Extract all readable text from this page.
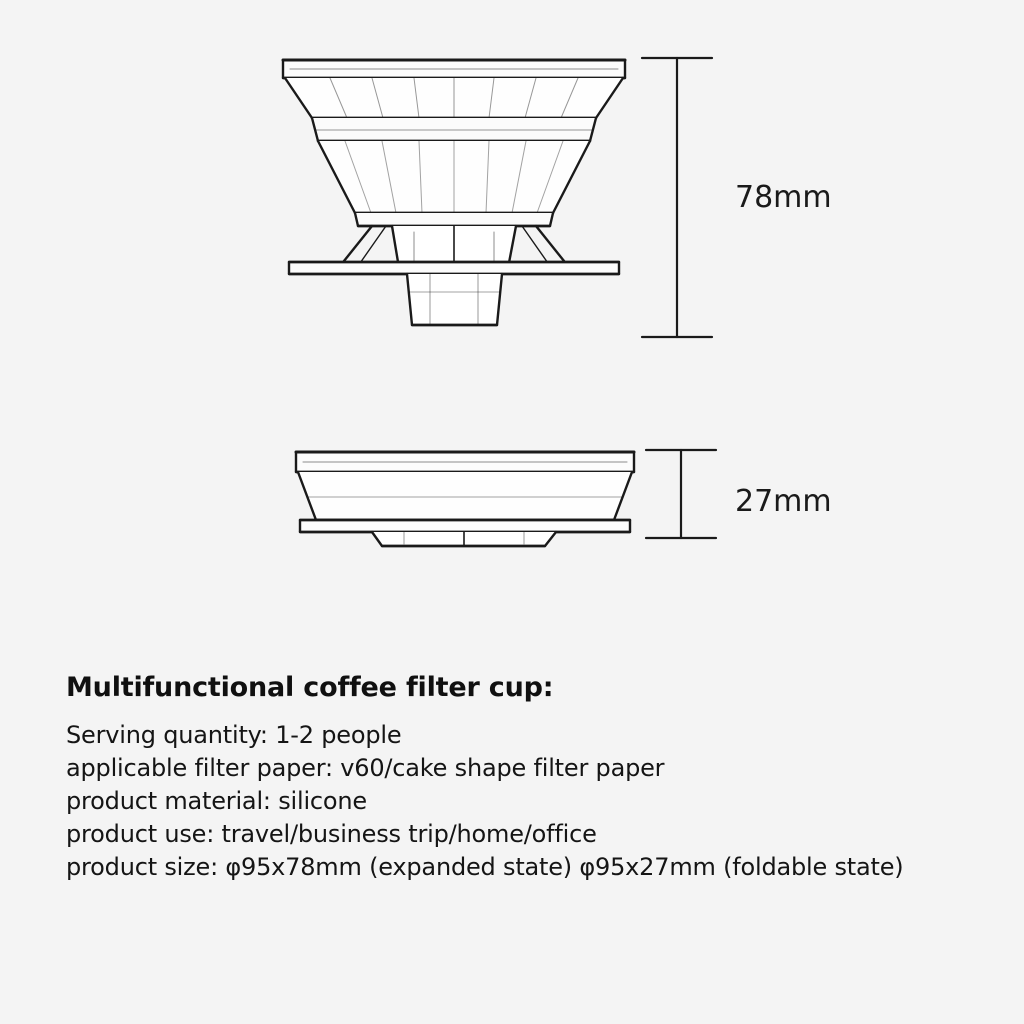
78mm
27mm
Multifunctional coffee filter cup:
Serving quantity: 1-2 people
applicable filter paper: v60/cake shape filter paper
product material: silicone
product use: travel/business trip/home/office
product size: φ95x78mm (expanded state) φ95x27mm (foldable state)
